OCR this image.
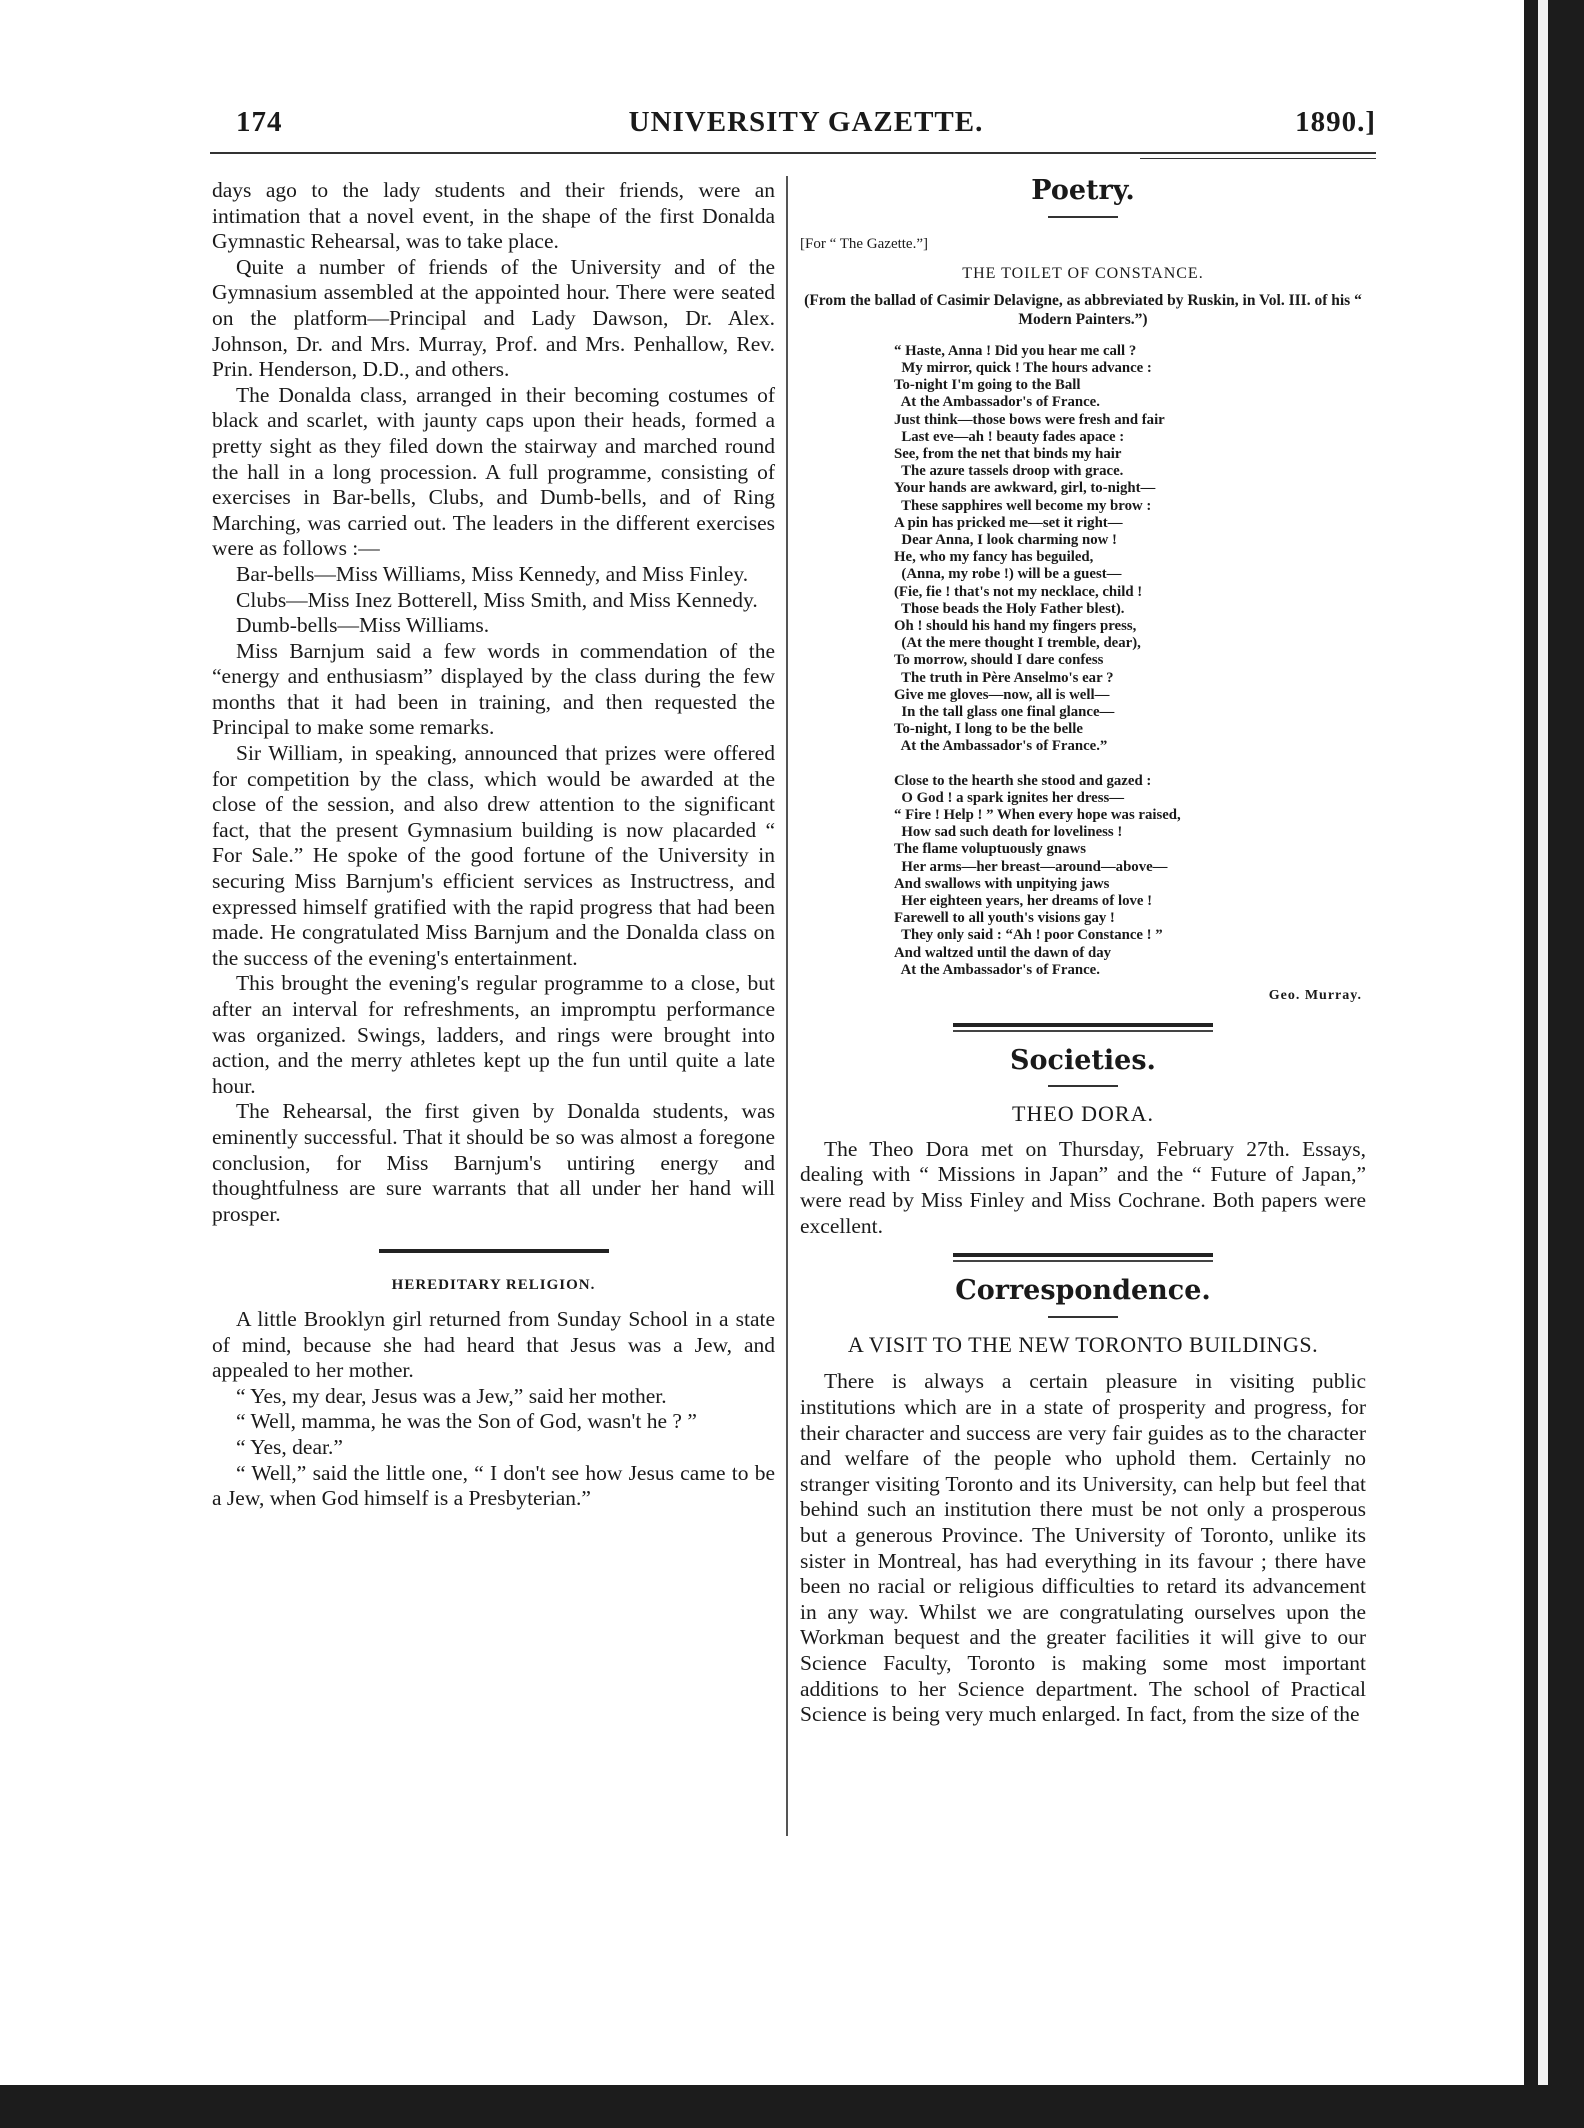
174	UNIVERSITY GAZETTE.	1890.]

days ago to the lady students and their friends, were an intimation that a novel event, in the shape of the first Donalda Gymnastic Rehearsal, was to take place.

Quite a number of friends of the University and of the Gymnasium assembled at the appointed hour. There were seated on the platform—Principal and Lady Dawson, Dr. Alex. Johnson, Dr. and Mrs. Murray, Prof. and Mrs. Penhallow, Rev. Prin. Henderson, D.D., and others.

The Donalda class, arranged in their becoming costumes of black and scarlet, with jaunty caps upon their heads, formed a pretty sight as they filed down the stairway and marched round the hall in a long procession. A full programme, consisting of exercises in Bar-bells, Clubs, and Dumb-bells, and of Ring Marching, was carried out. The leaders in the different exercises were as follows :—

Bar-bells—Miss Williams, Miss Kennedy, and Miss Finley.

Clubs—Miss Inez Botterell, Miss Smith, and Miss Kennedy.

Dumb-bells—Miss Williams.

Miss Barnjum said a few words in commendation of the “energy and enthusiasm” displayed by the class during the few months that it had been in training, and then requested the Principal to make some remarks.

Sir William, in speaking, announced that prizes were offered for competition by the class, which would be awarded at the close of the session, and also drew attention to the significant fact, that the present Gymnasium building is now placarded “ For Sale.” He spoke of the good fortune of the University in securing Miss Barnjum's efficient services as Instructress, and expressed himself gratified with the rapid progress that had been made. He congratulated Miss Barnjum and the Donalda class on the success of the evening's entertainment.

This brought the evening's regular programme to a close, but after an interval for refreshments, an impromptu performance was organized. Swings, ladders, and rings were brought into action, and the merry athletes kept up the fun until quite a late hour.

The Rehearsal, the first given by Donalda students, was eminently successful. That it should be so was almost a foregone conclusion, for Miss Barnjum's untiring energy and thoughtfulness are sure warrants that all under her hand will prosper.

HEREDITARY RELIGION.

A little Brooklyn girl returned from Sunday School in a state of mind, because she had heard that Jesus was a Jew, and appealed to her mother.

“ Yes, my dear, Jesus was a Jew,” said her mother.

“ Well, mamma, he was the Son of God, wasn't he ? ”

“ Yes, dear.”

“ Well,” said the little one, “ I don't see how Jesus came to be a Jew, when God himself is a Presbyterian.”

Poetry.
[For “ The Gazette.”]
THE TOILET OF CONSTANCE.
(From the ballad of Casimir Delavigne, as abbreviated by Ruskin, in Vol. III. of his “ Modern Painters.”)
“ Haste, Anna ! Did you hear me call ?
My mirror, quick ! The hours advance :
To-night I'm going to the Ball
At the Ambassador's of France.
Just think—those bows were fresh and fair
Last eve—ah ! beauty fades apace :
See, from the net that binds my hair
The azure tassels droop with grace.
Your hands are awkward, girl, to-night—
These sapphires well become my brow :
A pin has pricked me—set it right—
Dear Anna, I look charming now !
He, who my fancy has beguiled,
(Anna, my robe !) will be a guest—
(Fie, fie ! that's not my necklace, child !
Those beads the Holy Father blest).
Oh ! should his hand my fingers press,
(At the mere thought I tremble, dear),
To morrow, should I dare confess
The truth in Père Anselmo's ear ?
Give me gloves—now, all is well—
In the tall glass one final glance—
To-night, I long to be the belle
At the Ambassador's of France.”
Close to the hearth she stood and gazed :
O God ! a spark ignites her dress—
“ Fire ! Help ! ” When every hope was raised,
How sad such death for loveliness !
The flame voluptuously gnaws
Her arms—her breast—around—above—
And swallows with unpitying jaws
Her eighteen years, her dreams of love !
Farewell to all youth's visions gay !
They only said : “Ah ! poor Constance ! ”
And waltzed until the dawn of day
At the Ambassador's of France.
Geo. Murray.
Societies.
THEO DORA.

The Theo Dora met on Thursday, February 27th. Essays, dealing with “ Missions in Japan” and the “ Future of Japan,” were read by Miss Finley and Miss Cochrane. Both papers were excellent.

Correspondence.
A VISIT TO THE NEW TORONTO BUILDINGS.

There is always a certain pleasure in visiting public institutions which are in a state of prosperity and progress, for their character and success are very fair guides as to the character and welfare of the people who uphold them. Certainly no stranger visiting Toronto and its University, can help but feel that behind such an institution there must be not only a prosperous but a generous Province. The University of Toronto, unlike its sister in Montreal, has had everything in its favour ; there have been no racial or religious difficulties to retard its advancement in any way. Whilst we are congratulating ourselves upon the Workman bequest and the greater facilities it will give to our Science Faculty, Toronto is making some most important additions to her Science department. The school of Practical Science is being very much enlarged. In fact, from the size of the
